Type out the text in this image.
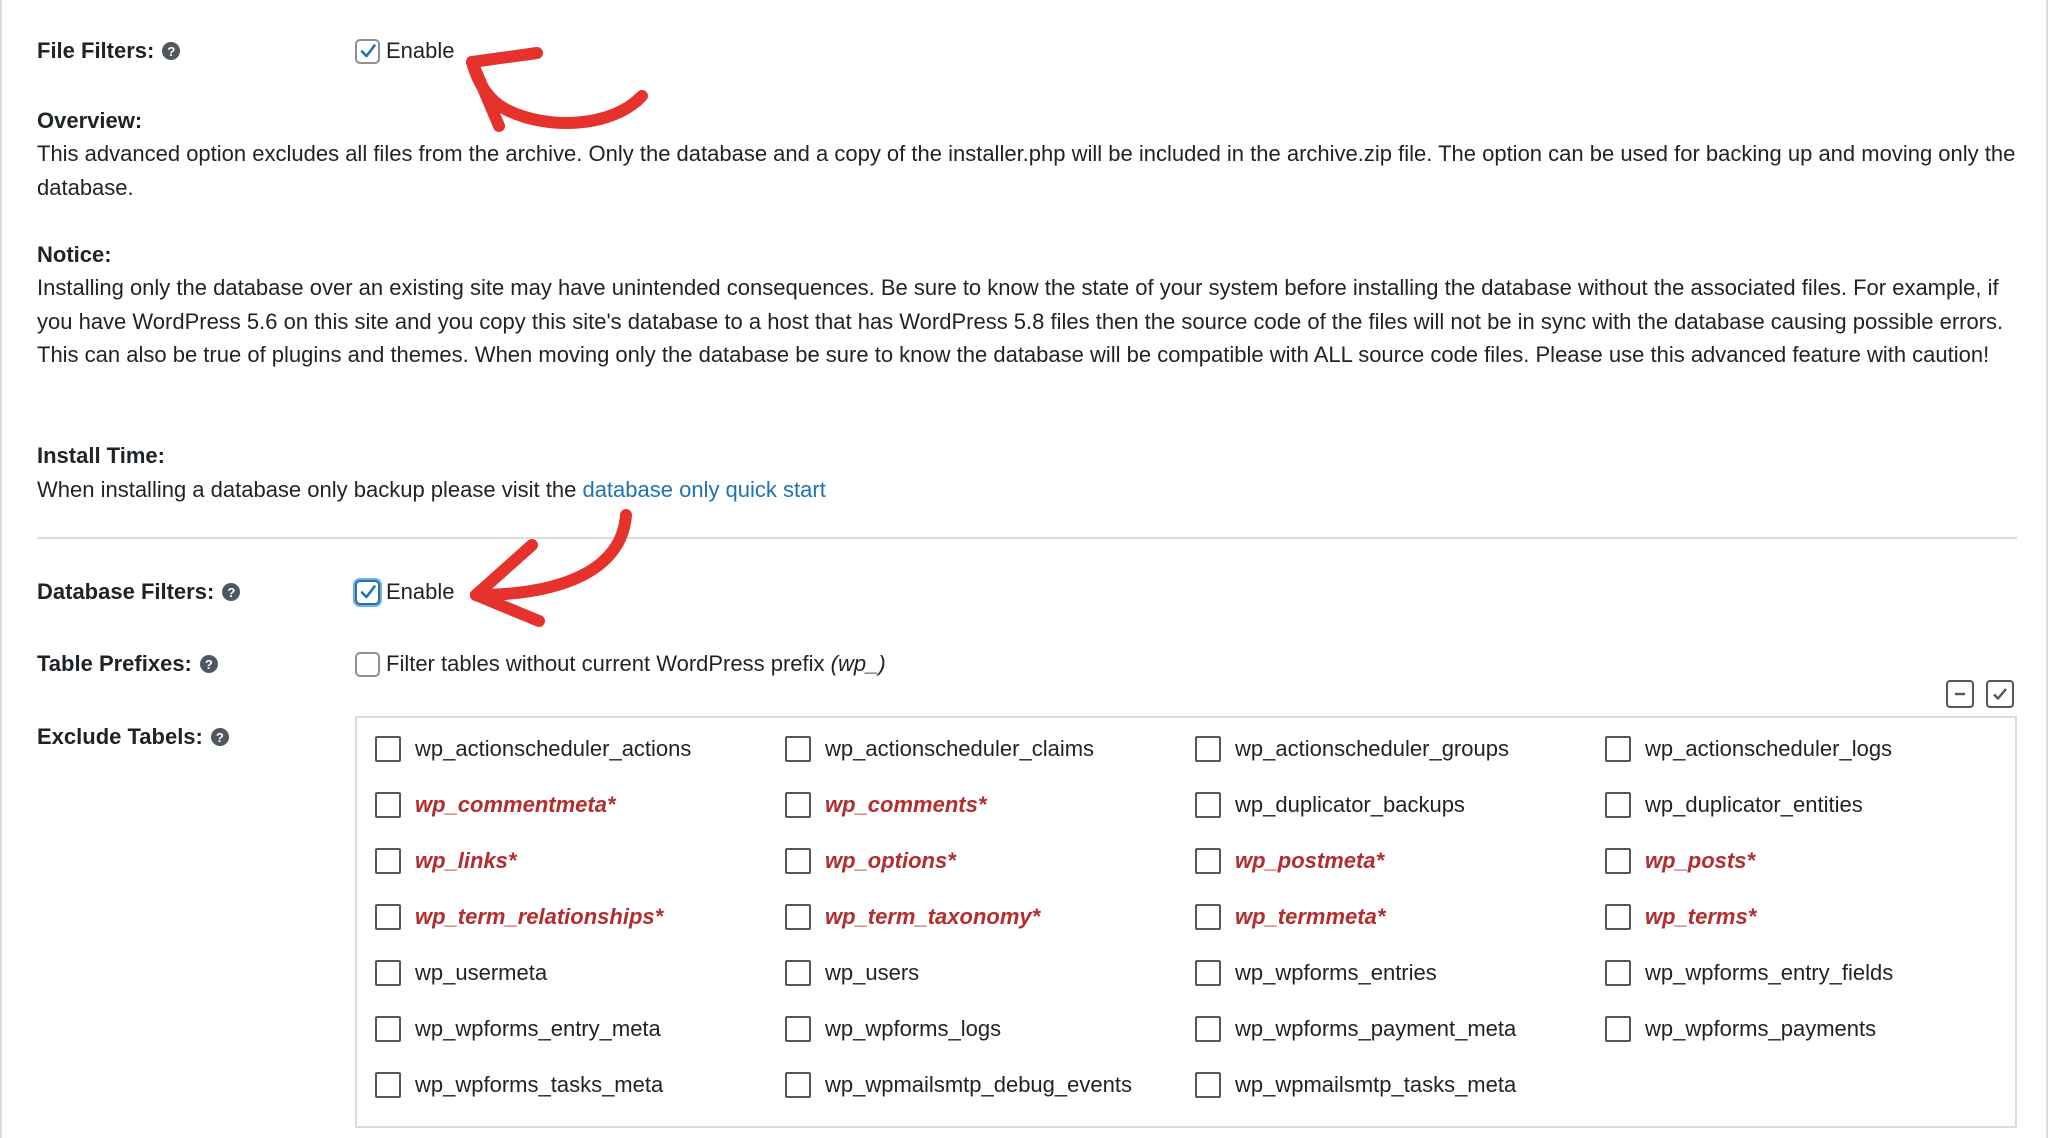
File Filters:	?	Enable
Overview:

This advanced option excludes all files from the archive. Only the database and a copy of the installer.php will be included in the archive.zip file. The option can be used for backing up and moving only the database.

Notice:

Installing only the database over an existing site may have unintended consequences. Be sure to know the state of your system before installing the database without the associated files. For example, if you have WordPress 5.6 on this site and you copy this site's database to a host that has WordPress 5.8 files then the source code of the files will not be in sync with the database causing possible errors. This can also be true of plugins and themes. When moving only the database be sure to know the database will be compatible with ALL source code files. Please use this advanced feature with caution!

Install Time:

When installing a database only backup please visit the database only quick start

Database Filters:	?	Enable
Table Prefixes:	?	Filter tables without current WordPress prefix (wp_)
Exclude Tabels:	?	wp_actionscheduler_actions	wp_actionscheduler_claims	wp_actionscheduler_groups	wp_actionscheduler_logs
wp_commentmeta*	wp_comments*	wp_duplicator_backups	wp_duplicator_entities
wp_links*	wp_options*	wp_postmeta*	wp_posts*
wp_term_relationships*	wp_term_taxonomy*	wp_termmeta*	wp_terms*
wp_usermeta	wp_users	wp_wpforms_entries	wp_wpforms_entry_fields
wp_wpforms_entry_meta	wp_wpforms_logs	wp_wpforms_payment_meta	wp_wpforms_payments
wp_wpforms_tasks_meta	wp_wpmailsmtp_debug_events	wp_wpmailsmtp_tasks_meta
